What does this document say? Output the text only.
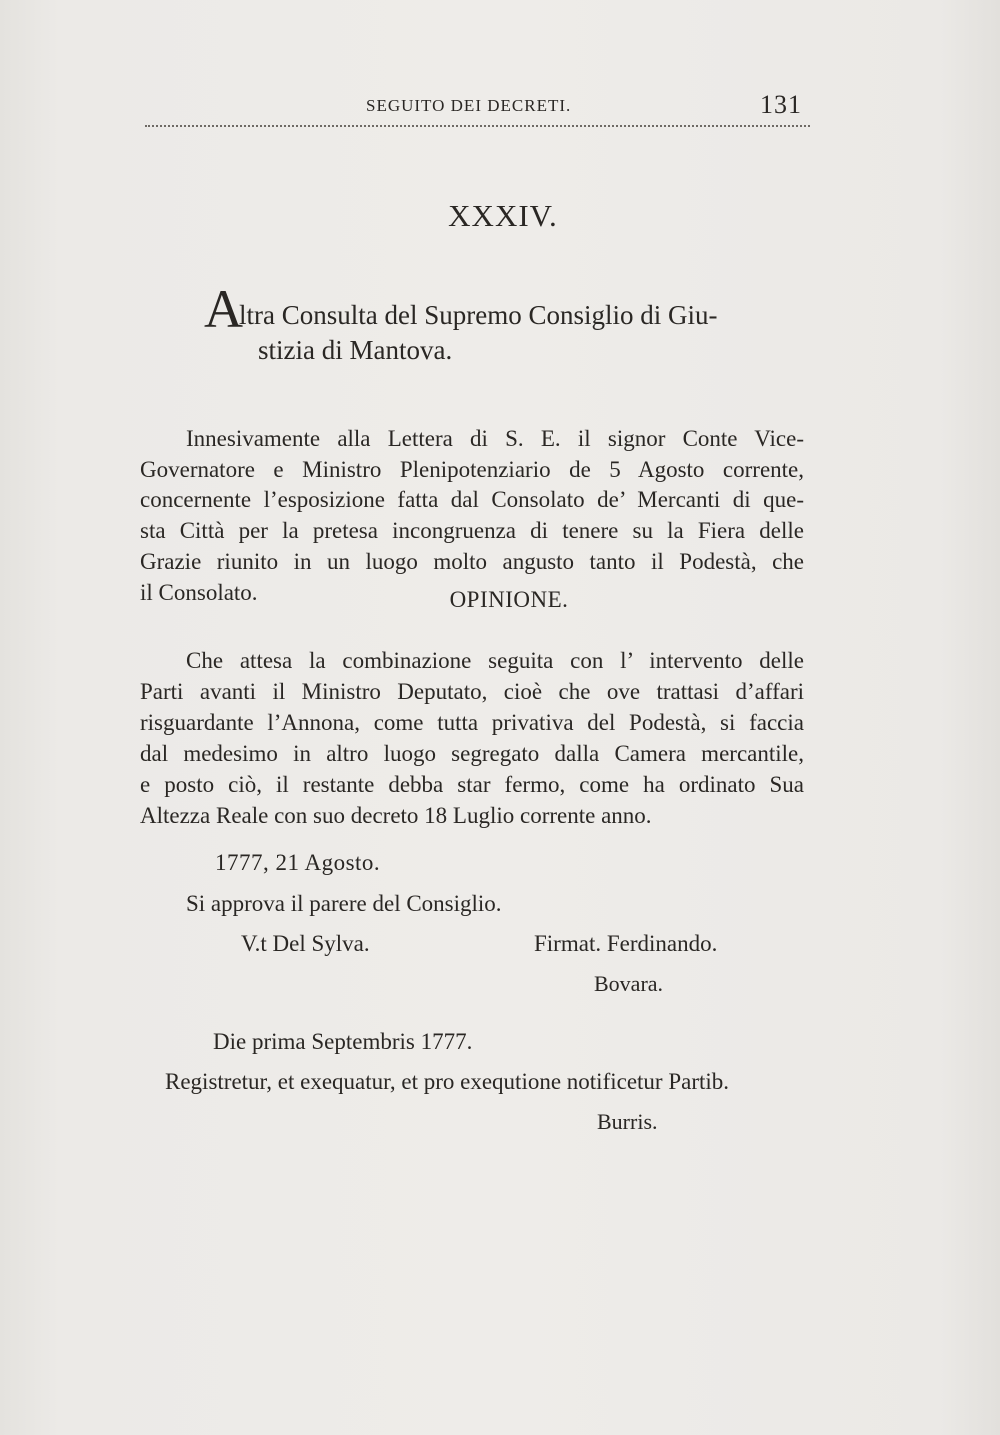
SEGUITO DEI DECRETI.	131
XXXIV.
A
ltra Consulta del Supremo Consiglio di Giu-
stizia di Mantova.
Innesivamente alla Lettera di S. E. il signor Conte Vice-
Governatore e Ministro Plenipotenziario de 5 Agosto corrente,
concernente l’esposizione fatta dal Consolato de’ Mercanti di que-
sta Città per la pretesa incongruenza di tenere su la Fiera delle
Grazie riunito in un luogo molto angusto tanto il Podestà, che
il Consolato.	OPINIONE.
Che attesa la combinazione seguita con l’ intervento delle
Parti avanti il Ministro Deputato, cioè che ove trattasi d’affari
risguardante l’Annona, come tutta privativa del Podestà, si faccia
dal medesimo in altro luogo segregato dalla Camera mercantile,
e posto ciò, il restante debba star fermo, come ha ordinato Sua
Altezza Reale con suo decreto 18 Luglio corrente anno.
1777, 21 Agosto.
Si approva il parere del Consiglio.
V.t Del Sylva.	Firmat. Ferdinando.
Bovara.
Die prima Septembris 1777.
Registretur, et exequatur, et pro exequtione notificetur Partib.
Burris.
